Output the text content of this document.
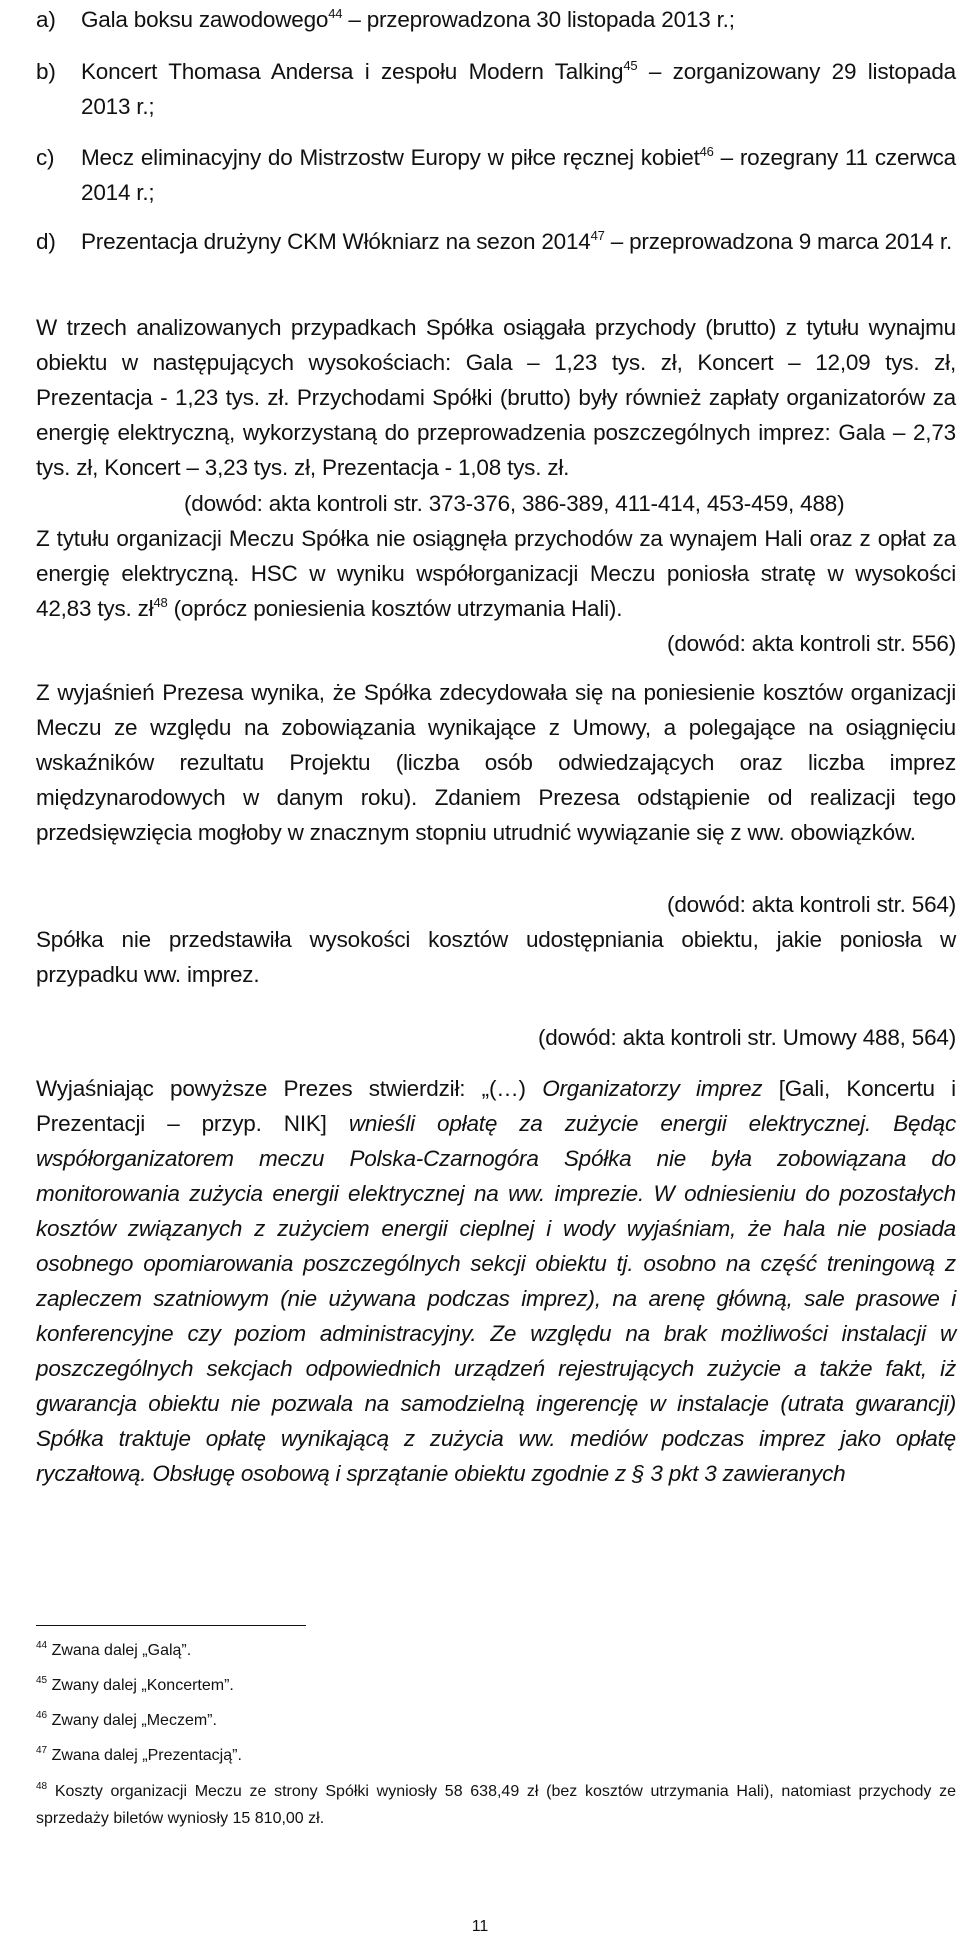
a) Gala boksu zawodowego$^{44}$ – przeprowadzona 30 listopada 2013 r.;
b) Koncert Thomasa Andersa i zespołu Modern Talking$^{45}$ – zorganizowany 29 listopada 2013 r.;
c) Mecz eliminacyjny do Mistrzostw Europy w piłce ręcznej kobiet$^{46}$ – rozegrany 11 czerwca 2014 r.;
d) Prezentacja drużyny CKM Włókniarz na sezon 2014$^{47}$ – przeprowadzona 9 marca 2014 r.
W trzech analizowanych przypadkach Spółka osiągała przychody (brutto) z tytułu wynajmu obiektu w następujących wysokościach: Gala – 1,23 tys. zł, Koncert – 12,09 tys. zł, Prezentacja - 1,23 tys. zł. Przychodami Spółki (brutto) były również zapłaty organizatorów za energię elektryczną, wykorzystaną do przeprowadzenia poszczególnych imprez: Gala – 2,73 tys. zł, Koncert – 3,23 tys. zł, Prezentacja - 1,08 tys. zł.
(dowód: akta kontroli str. 373-376, 386-389, 411-414, 453-459, 488)
Z tytułu organizacji Meczu Spółka nie osiągnęła przychodów za wynajem Hali oraz z opłat za energię elektryczną. HSC w wyniku współorganizacji Meczu poniosła stratę w wysokości 42,83 tys. $zł^{48}$ (oprócz poniesienia kosztów utrzymania Hali).
(dowód: akta kontroli str. 556)
Z wyjaśnień Prezesa wynika, że Spółka zdecydowała się na poniesienie kosztów organizacji Meczu ze względu na zobowiązania wynikające z Umowy, a polegające na osiągnięciu wskaźników rezultatu Projektu (liczba osób odwiedzających oraz liczba imprez międzynarodowych w danym roku). Zdaniem Prezesa odstąpienie od realizacji tego przedsięwzięcia mogłoby w znacznym stopniu utrudnić wywiązanie się z ww. obowiązków.
(dowód: akta kontroli str. 564)
Spółka nie przedstawiła wysokości kosztów udostępniania obiektu, jakie poniosła w przypadku ww. imprez.
(dowód: akta kontroli str. Umowy 488, 564)
Wyjaśniając powyższe Prezes stwierdził: „(…) Organizatorzy imprez [Gali, Koncertu i Prezentacji – przyp. NIK] wnieśli opłatę za zużycie energii elektrycznej. Będąc współorganizatorem meczu Polska-Czarnogóra Spółka nie była zobowiązana do monitorowania zużycia energii elektrycznej na ww. imprezie. W odniesieniu do pozostałych kosztów związanych z zużyciem energii cieplnej i wody wyjaśniam, że hala nie posiada osobnego opomiarowania poszczególnych sekcji obiektu tj. osobno na część treningową z zapleczem szatniowym (nie używana podczas imprez), na arenę główną, sale prasowe i konferencyjne czy poziom administracyjny. Ze względu na brak możliwości instalacji w poszczególnych sekcjach odpowiednich urządzeń rejestrujących zużycie a także fakt, iż gwarancja obiektu nie pozwala na samodzielną ingerencję w instalacje (utrata gwarancji) Spółka traktuje opłatę wynikającą z zużycia ww. mediów podczas imprez jako opłatę ryczałtową. Obsługę osobową i sprzątanie obiektu zgodnie z § 3 pkt 3 zawieranych
$^{44}$ Zwana dalej „Galą”.
$^{45}$ Zwany dalej „Koncertem”.
$^{46}$ Zwany dalej „Meczem”.
$^{47}$ Zwana dalej „Prezentacją”.
$^{48}$ Koszty organizacji Meczu ze strony Spółki wyniosły 58 638,49 zł (bez kosztów utrzymania Hali), natomiast przychody ze sprzedaży biletów wyniosły 15 810,00 zł.
11
